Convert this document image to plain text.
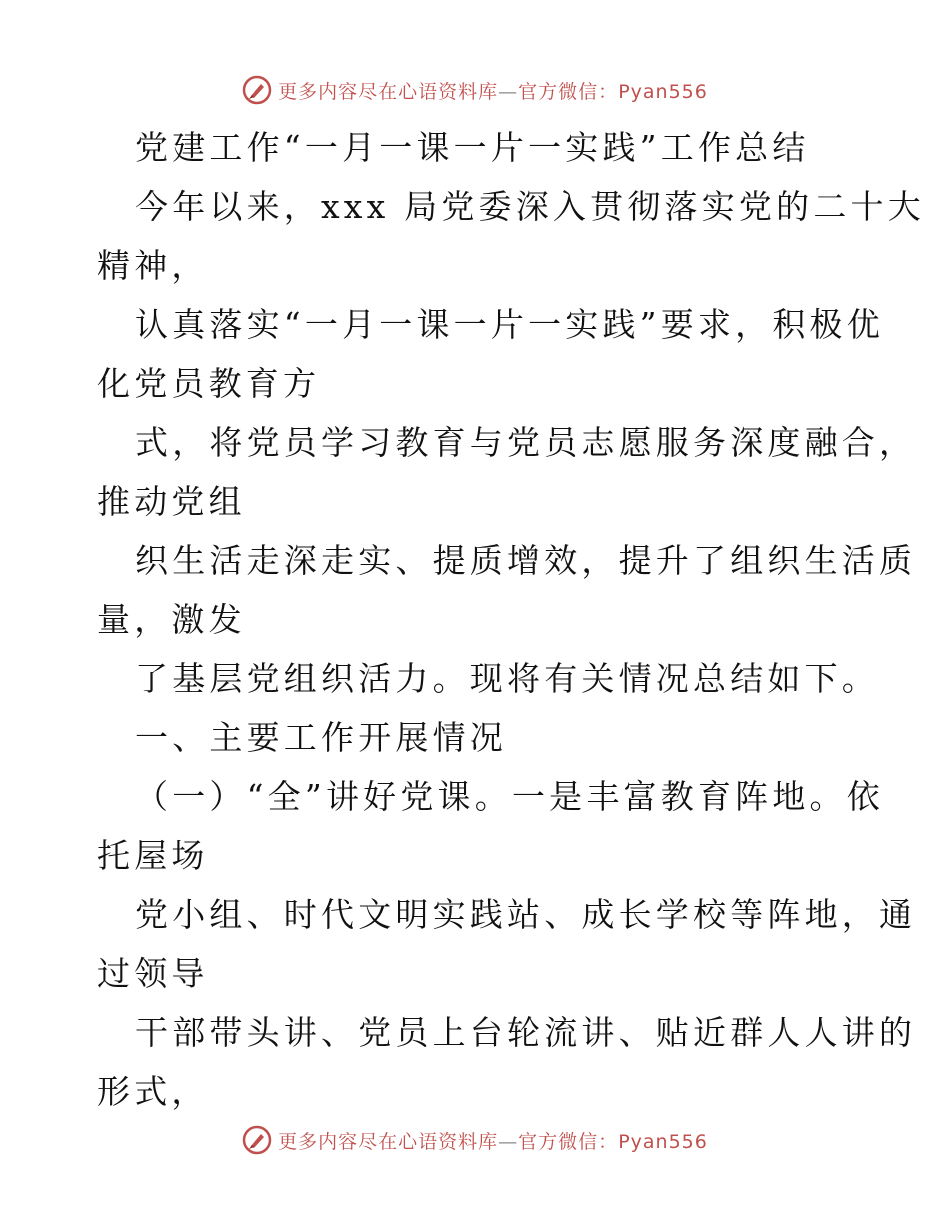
更多内容尽在心语资料库—官方微信：Pyan556
党建工作“一月一课一片一实践”工作总结
今年以来，xxx 局党委深入贯彻落实党的二十大
精神，
认真落实“一月一课一片一实践”要求，积极优
化党员教育方
式，将党员学习教育与党员志愿服务深度融合，
推动党组
织生活走深走实、提质增效，提升了组织生活质
量，激发
了基层党组织活力。现将有关情况总结如下。
一、主要工作开展情况
（一）“全”讲好党课。一是丰富教育阵地。依
托屋场
党小组、时代文明实践站、成长学校等阵地，通
过领导
干部带头讲、党员上台轮流讲、贴近群人人讲的
形式，
更多内容尽在心语资料库—官方微信：Pyan556
